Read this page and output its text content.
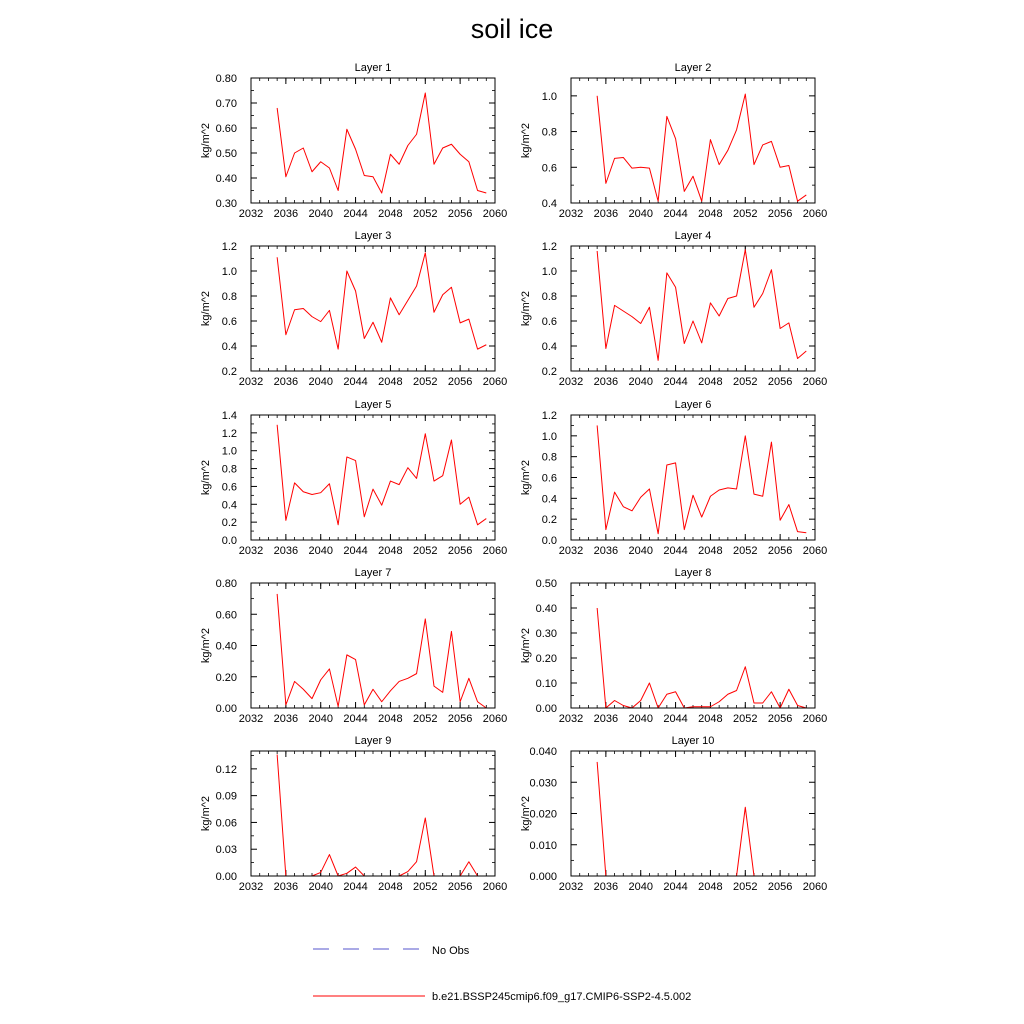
soil ice
Layer 1
kg/m^2
2032 2036 2040 2044 2048 2052 2056 2060
0.30
0.40
0.50
0.60
0.70
0.80
Layer 2
kg/m^2
2032 2036 2040 2044 2048 2052 2056 2060
0.4
0.6
0.8
1.0
Layer 3
kg/m^2
2032 2036 2040 2044 2048 2052 2056 2060
0.2
0.4
0.6
0.8
1.0
1.2
Layer 4
kg/m^2
2032 2036 2040 2044 2048 2052 2056 2060
0.2
0.4
0.6
0.8
1.0
1.2
Layer 5
kg/m^2
2032 2036 2040 2044 2048 2052 2056 2060
0.0
0.2
0.4
0.6
0.8
1.0
1.2
1.4
Layer 6
kg/m^2
2032 2036 2040 2044 2048 2052 2056 2060
0.0
0.2
0.4
0.6
0.8
1.0
1.2
Layer 7
kg/m^2
2032 2036 2040 2044 2048 2052 2056 2060
0.00
0.20
0.40
0.60
0.80
Layer 8
kg/m^2
2032 2036 2040 2044 2048 2052 2056 2060
0.00
0.10
0.20
0.30
0.40
0.50
Layer 9
kg/m^2
2032 2036 2040 2044 2048 2052 2056 2060
0.00
0.03
0.06
0.09
0.12
Layer 10
kg/m^2
2032 2036 2040 2044 2048 2052 2056 2060
0.000
0.010
0.020
0.030
0.040
No Obs
b.e21.BSSP245cmip6.f09_g17.CMIP6-SSP2-4.5.002
